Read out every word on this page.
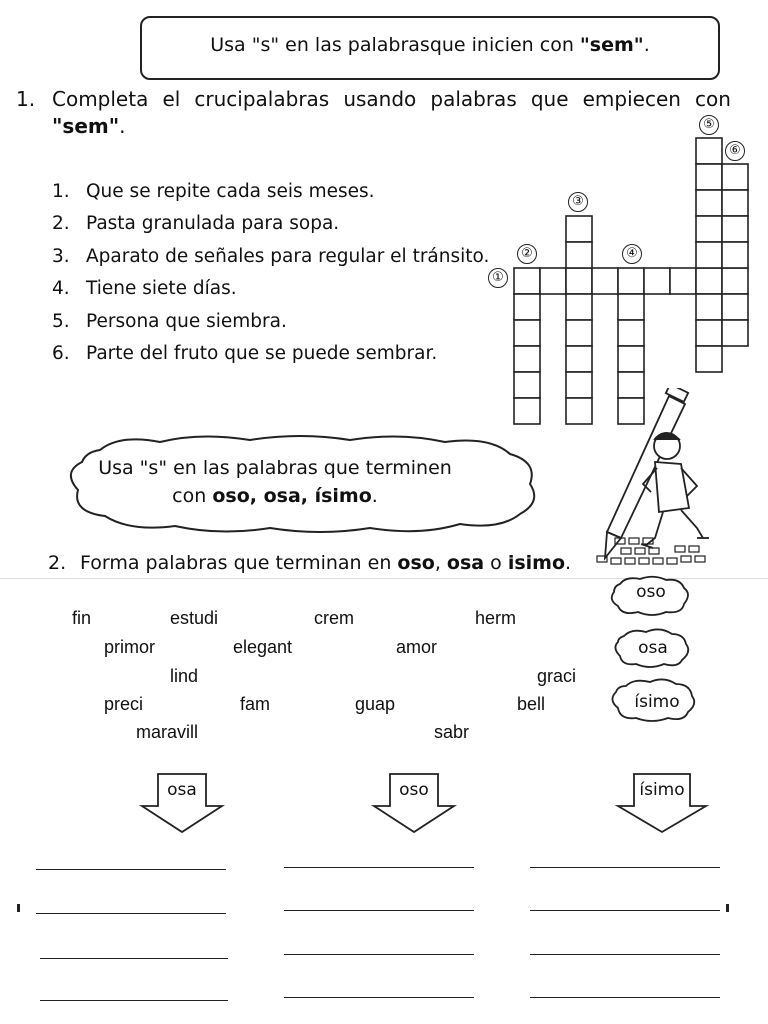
Usa "s" en las palabrasque inicien con "sem".
1. Completa el crucipalabras usando palabras que empiecen con
"sem".
1. Que se repite cada seis meses.
2. Pasta granulada para sopa.
3. Aparato de señales para regular el tránsito.
4. Tiene siete días.
5. Persona que siembra.
6. Parte del fruto que se puede sembrar.
①
②
③
④
⑤
⑥
Usa "s" en las palabras que terminen
con oso, osa, ísimo.
2. Forma palabras que terminan en oso, osa o isimo.
fin	estudi	crem	herm
primor	elegant	amor
lind	graci
preci	fam	guap	bell
maravill	sabr
oso
osa
ísimo
osa	oso	ísimo
